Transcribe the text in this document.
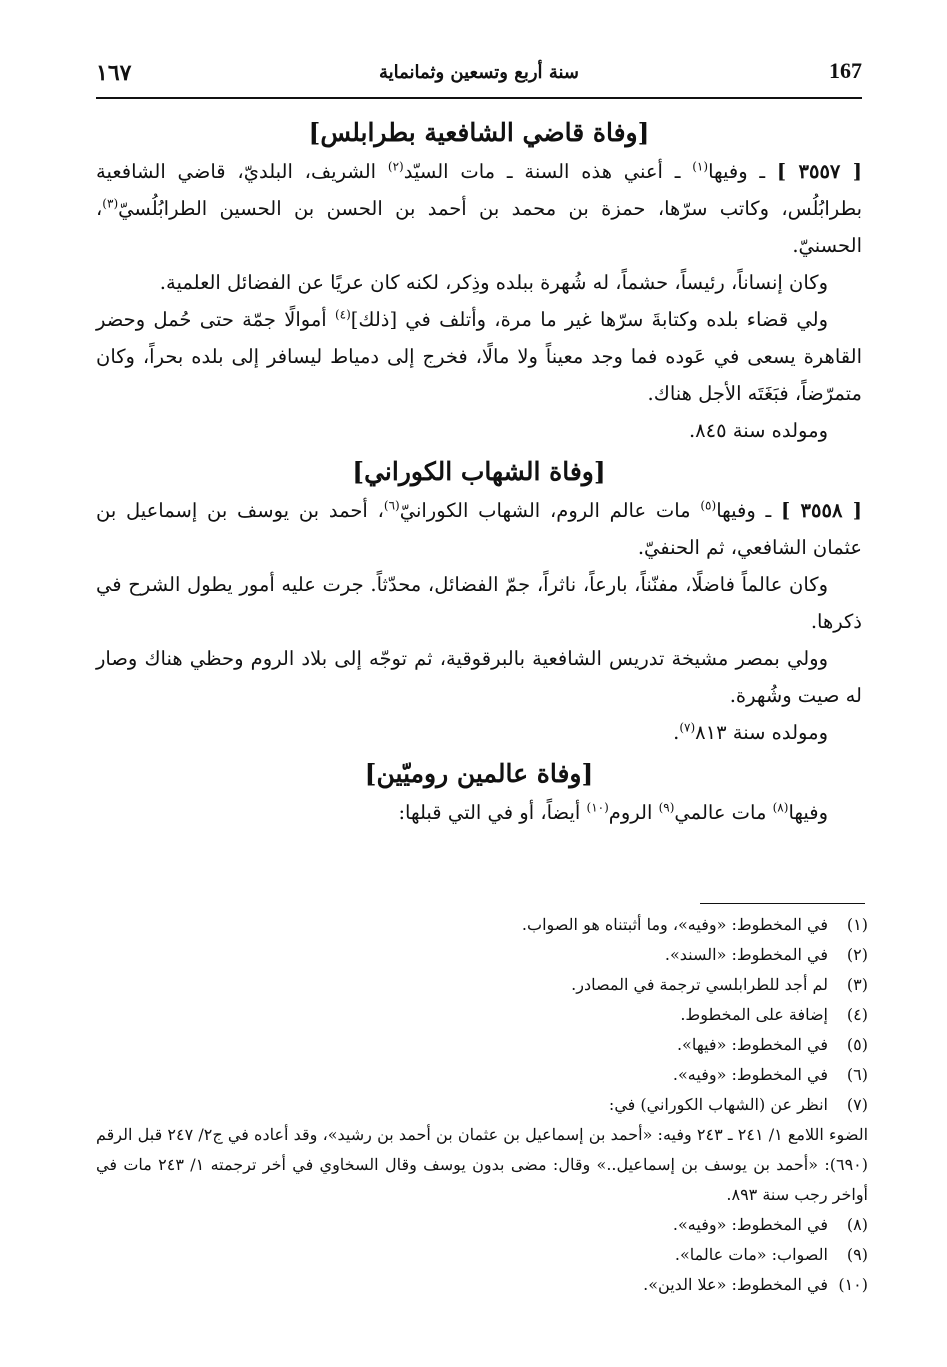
١٦٧	سنة أربع وتسعين وثمانماية	167
[وفاة قاضي الشافعية بطرابلس]

[ ٣٥٥٧ ] ـ وفيها$^{(١)}$ ـ أعني هذه السنة ـ مات السيّد$^{(٢)}$ الشريف، البلديّ، قاضي الشافعية بطرابُلُس، وكاتب سرّها، حمزة بن محمد بن أحمد بن الحسن بن الحسين الطرابُلُسيّ$^{(٣)}$، الحسنيّ.

وكان إنساناً، رئيساً، حشماً، له شُهرة ببلده وذِكر، لكنه كان عريًا عن الفضائل العلمية.

ولي قضاء بلده وكتابةَ سرّها غير ما مرة، وأتلف في [ذلك]$^{(٤)}$ أموالًا جمّة حتى حُمل وحضر القاهرة يسعى في عَوده فما وجد معيناً ولا مالًا، فخرج إلى دمياط ليسافر إلى بلده بحراً، وكان متمرّضاً، فبَغَتَه الأجل هناك.

ومولده سنة ٨٤٥.

[وفاة الشهاب الكوراني]

[ ٣٥٥٨ ] ـ وفيها$^{(٥)}$ مات عالم الروم، الشهاب الكورانيّ$^{(٦)}$، أحمد بن يوسف بن إسماعيل بن عثمان الشافعي، ثم الحنفيّ.

وكان عالماً فاضلًا، مفنّناً، بارعاً، ناثراً، جمّ الفضائل، محدّثاً. جرت عليه أمور يطول الشرح في ذكرها.

وولي بمصر مشيخة تدريس الشافعية بالبرقوقية، ثم توجّه إلى بلاد الروم وحظي هناك وصار له صيت وشُهرة.

ومولده سنة ٨١٣$^{(٧)}$.

[وفاة عالمين روميّين]

وفيها$^{(٨)}$ مات عالمي$^{(٩)}$ الروم$^{(١٠)}$ أيضاً، أو في التي قبلها:

(١)في المخطوط: «وفيه»، وما أثبتناه هو الصواب.

(٢)في المخطوط: «السند».

(٣)لم أجد للطرابلسي ترجمة في المصادر.

(٤)إضافة على المخطوط.

(٥)في المخطوط: «فيها».

(٦)في المخطوط: «وفيه».

(٧)انظر عن (الشهاب الكوراني) في:

الضوء اللامع ١/ ٢٤١ ـ ٢٤٣ وفيه: «أحمد بن إسماعيل بن عثمان بن أحمد بن رشيد»، وقد أعاده في ج٢/ ٢٤٧ قبل الرقم (٦٩٠): «أحمد بن يوسف بن إسماعيل..» وقال: مضى بدون يوسف وقال السخاوي في أخر ترجمته ١/ ٢٤٣ مات في أواخر رجب سنة ٨٩٣.

(٨)في المخطوط: «وفيه».

(٩)الصواب: «مات عالما».

(١٠)في المخطوط: «علا الدين».
